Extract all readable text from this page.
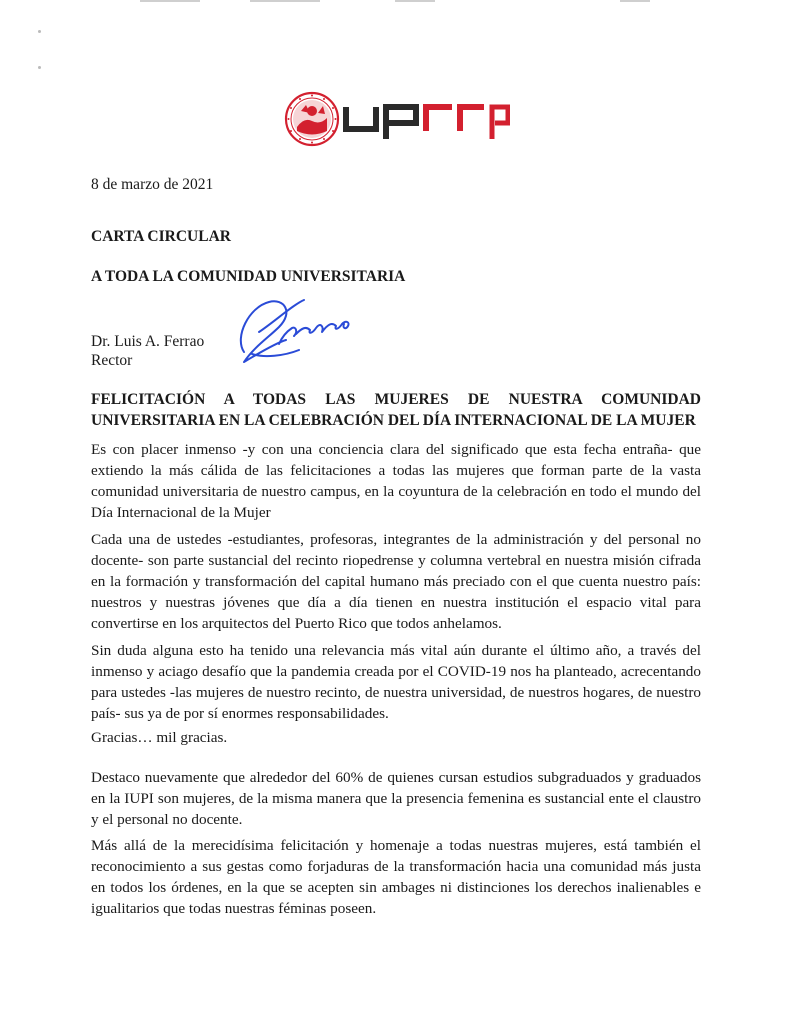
8 de marzo de 2021
CARTA CIRCULAR
A TODA LA COMUNIDAD UNIVERSITARIA
Dr. Luis A. Ferrao
Rector
FELICITACIÓN A TODAS LAS MUJERES DE NUESTRA COMUNIDAD
UNIVERSITARIA EN LA CELEBRACIÓN DEL DÍA INTERNACIONAL DE LA MUJER
Es con placer inmenso -y con una conciencia clara del significado que esta fecha entraña- que extiendo la más cálida de las felicitaciones a todas las mujeres que forman parte de la vasta comunidad universitaria de nuestro campus, en la coyuntura de la celebración en todo el mundo del Día Internacional de la Mujer
Cada una de ustedes -estudiantes, profesoras, integrantes de la administración y del personal no docente- son parte sustancial del recinto riopedrense y columna vertebral en nuestra misión cifrada en la formación y transformación del capital humano más preciado con el que cuenta nuestro país: nuestros y nuestras jóvenes que día a día tienen en nuestra institución el espacio vital para convertirse en los arquitectos del Puerto Rico que todos anhelamos.
Sin duda alguna esto ha tenido una relevancia más vital aún durante el último año, a través del inmenso y aciago desafío que la pandemia creada por el COVID-19 nos ha planteado, acrecentando para ustedes -las mujeres de nuestro recinto, de nuestra universidad, de nuestros hogares, de nuestro país- sus ya de por sí enormes responsabilidades.
Gracias… mil gracias.
Destaco nuevamente que alrededor del 60% de quienes cursan estudios subgraduados y graduados en la IUPI son mujeres, de la misma manera que la presencia femenina es sustancial ente el claustro y el personal no docente.
Más allá de la merecidísima felicitación y homenaje a todas nuestras mujeres, está también el reconocimiento a sus gestas como forjaduras de la transformación hacia una comunidad más justa en todos los órdenes, en la que se acepten sin ambages ni distinciones los derechos inalienables e igualitarios que todas nuestras féminas poseen.
